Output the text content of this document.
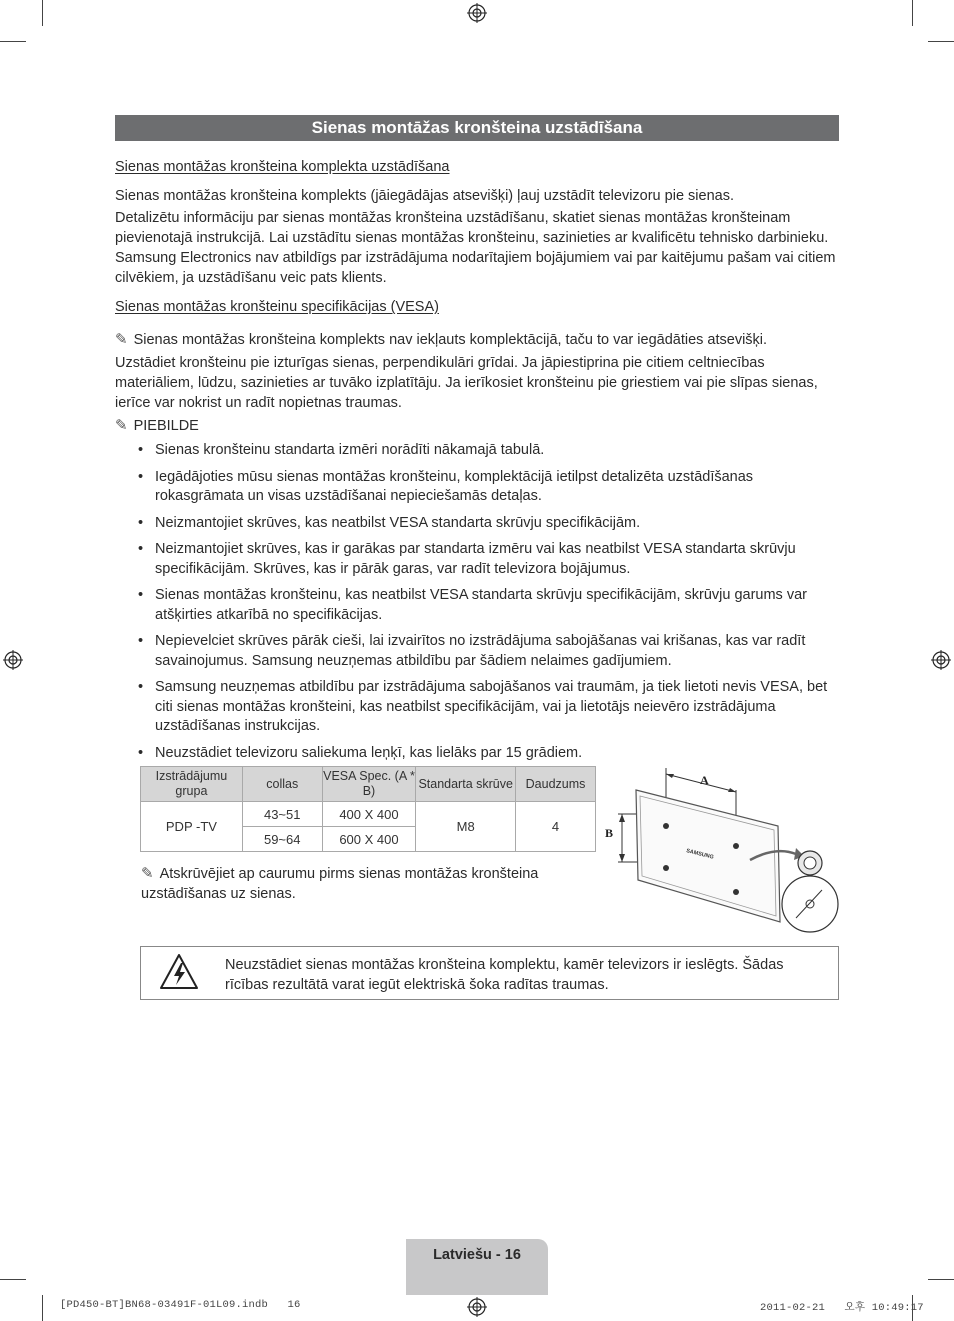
Sienas montāžas kronšteina uzstādīšana
Sienas montāžas kronšteina komplekta uzstādīšana
Sienas montāžas kronšteina komplekts (jāiegādājas atsevišķi) ļauj uzstādīt televizoru pie sienas.
Detalizētu informāciju par sienas montāžas kronšteina uzstādīšanu, skatiet sienas montāžas kronšteinam pievienotajā instrukcijā. Lai uzstādītu sienas montāžas kronšteinu, sazinieties ar kvalificētu tehnisko darbinieku.
Samsung Electronics nav atbildīgs par izstrādājuma nodarītajiem bojājumiem vai par kaitējumu pašam vai citiem cilvēkiem, ja uzstādīšanu veic pats klients.
Sienas montāžas kronšteinu specifikācijas (VESA)
✎ Sienas montāžas kronšteina komplekts nav iekļauts komplektācijā, taču to var iegādāties atsevišķi.
Uzstādiet kronšteinu pie izturīgas sienas, perpendikulāri grīdai. Ja jāpiestiprina pie citiem celtniecības materiāliem, lūdzu, sazinieties ar tuvāko izplatītāju. Ja ierīkosiet kronšteinu pie griestiem vai pie slīpas sienas, ierīce var nokrist un radīt nopietnas traumas.
✎ PIEBILDE
• Sienas kronšteinu standarta izmēri norādīti nākamajā tabulā.
• Iegādājoties mūsu sienas montāžas kronšteinu, komplektācijā ietilpst detalizēta uzstādīšanas rokasgrāmata un visas uzstādīšanai nepieciešamās detaļas.
• Neizmantojiet skrūves, kas neatbilst VESA standarta skrūvju specifikācijām.
• Neizmantojiet skrūves, kas ir garākas par standarta izmēru vai kas neatbilst VESA standarta skrūvju specifikācijām. Skrūves, kas ir pārāk garas, var radīt televizora bojājumus.
• Sienas montāžas kronšteinu, kas neatbilst VESA standarta skrūvju specifikācijām, skrūvju garums var atšķirties atkarībā no specifikācijas.
• Nepievelciet skrūves pārāk cieši, lai izvairītos no izstrādājuma sabojāšanas vai krišanas, kas var radīt savainojumus. Samsung neuzņemas atbildību par šādiem nelaimes gadījumiem.
• Samsung neuzņemas atbildību par izstrādājuma sabojāšanos vai traumām, ja tiek lietoti nevis VESA, bet citi sienas montāžas kronšteini, kas neatbilst specifikācijām, vai ja lietotājs neievēro izstrādājuma uzstādīšanas instrukcijas.
• Neuzstādiet televizoru saliekuma leņķī, kas lielāks par 15 grādiem.
Izstrādājumu grupa	collas	VESA Spec. (A * B)	Standarta skrūve	Daudzums
PDP -TV	43~51	400 X 400	M8	4
	59~64	600 X 400		
✎ Atskrūvējiet ap caurumu pirms sienas montāžas kronšteina uzstādīšanas uz sienas.
A
B
SAMSUNG
Neuzstādiet sienas montāžas kronšteina komplektu, kamēr televizors ir ieslēgts. Šādas rīcības rezultātā varat iegūt elektriskā šoka radītas traumas.
Latviešu - 16
[PD450-BT]BN68-03491F-01L09.indb   16	2011-02-21   오후 10:49:17
